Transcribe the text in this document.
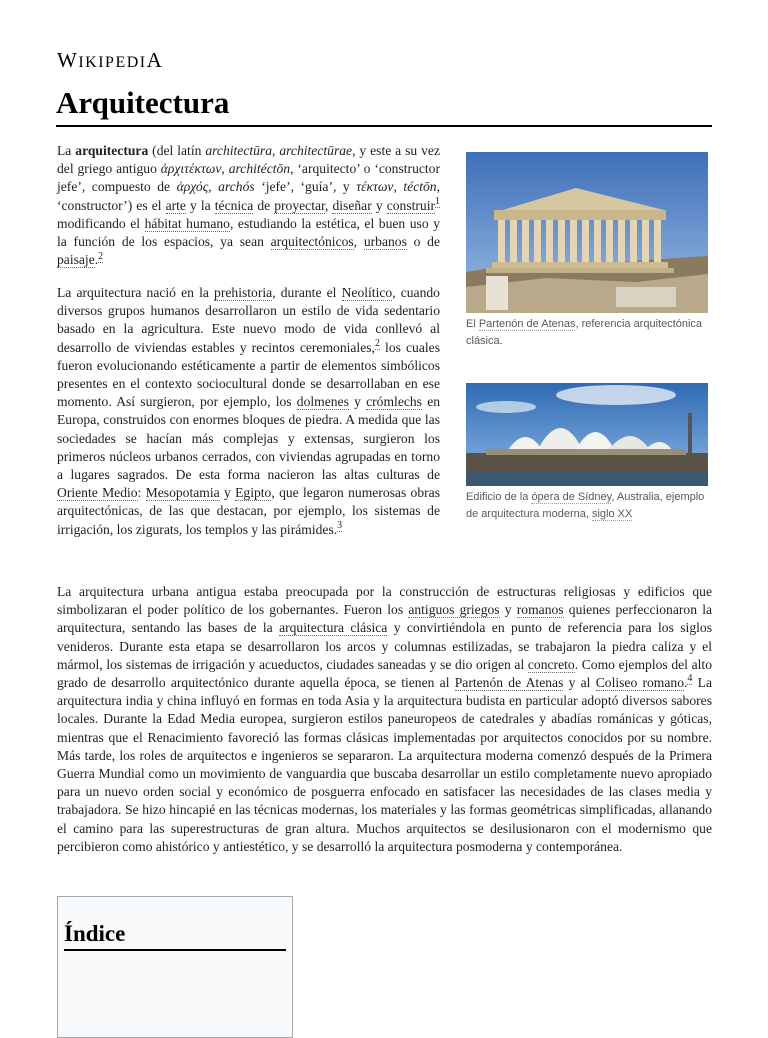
WIKIPEDIA
Arquitectura

La arquitectura (del latín architectūra, architectūrae, y este a su vez del griego antiguo ἀρχιτέκτων, architéctōn, ‘arquitecto’ o ‘constructor jefe’, compuesto de ἀρχός, archós ‘jefe’, ‘guía’, y τέκτων, téctōn, ‘constructor’) es el arte y la técnica de proyectar, diseñar y construir$^1$ modificando el hábitat humano, estudiando la estética, el buen uso y la función de los espacios, ya sean arquitectónicos, urbanos o de paisaje.$^2$

La arquitectura nació en la prehistoria, durante el Neolítico, cuando diversos grupos humanos desarrollaron un estilo de vida sedentario basado en la agricultura. Este nuevo modo de vida conllevó al desarrollo de viviendas estables y recintos ceremoniales,$^2$ los cuales fueron evolucionando estéticamente a partir de elementos simbólicos presentes en el contexto sociocultural donde se desarrollaban en ese momento. Así surgieron, por ejemplo, los dolmenes y crómlechs en Europa, construidos con enormes bloques de piedra. A medida que las sociedades se hacían más complejas y extensas, surgieron los primeros núcleos urbanos cerrados, con viviendas agrupadas en torno a lugares sagrados. De esta forma nacieron las altas culturas de Oriente Medio: Mesopotamia y Egipto, que legaron numerosas obras arquitectónicas, de las que destacan, por ejemplo, los sistemas de irrigación, los zigurats, los templos y las pirámides.$^3$

La arquitectura urbana antigua estaba preocupada por la construcción de estructuras religiosas y edificios que simbolizaran el poder político de los gobernantes. Fueron los antiguos griegos y romanos quienes perfeccionaron la arquitectura, sentando las bases de la arquitectura clásica y convirtiéndola en punto de referencia para los siglos venideros. Durante esta etapa se desarrollaron los arcos y columnas estilizadas, se trabajaron la piedra caliza y el mármol, los sistemas de irrigación y acueductos, ciudades saneadas y se dio origen al concreto. Como ejemplos del alto grado de desarrollo arquitectónico durante aquella época, se tienen al Partenón de Atenas y al Coliseo romano.$^4$ La arquitectura india y china influyó en formas en toda Asia y la arquitectura budista en particular adoptó diversos sabores locales. Durante la Edad Media europea, surgieron estilos paneuropeos de catedrales y abadías románicas y góticas, mientras que el Renacimiento favoreció las formas clásicas implementadas por arquitectos conocidos por su nombre. Más tarde, los roles de arquitectos e ingenieros se separaron. La arquitectura moderna comenzó después de la Primera Guerra Mundial como un movimiento de vanguardia que buscaba desarrollar un estilo completamente nuevo apropiado para un nuevo orden social y económico de posguerra enfocado en satisfacer las necesidades de las clases media y trabajadora. Se hizo hincapié en las técnicas modernas, los materiales y las formas geométricas simplificadas, allanando el camino para las superestructuras de gran altura. Muchos arquitectos se desilusionaron con el modernismo que percibieron como ahistórico y antiestético, y se desarrolló la arquitectura posmoderna y contemporánea.

El Partenón de Atenas, referencia arquitectónica clásica.
Edificio de la ópera de Sídney, Australia, ejemplo de arquitectura moderna, siglo XX
Índice
